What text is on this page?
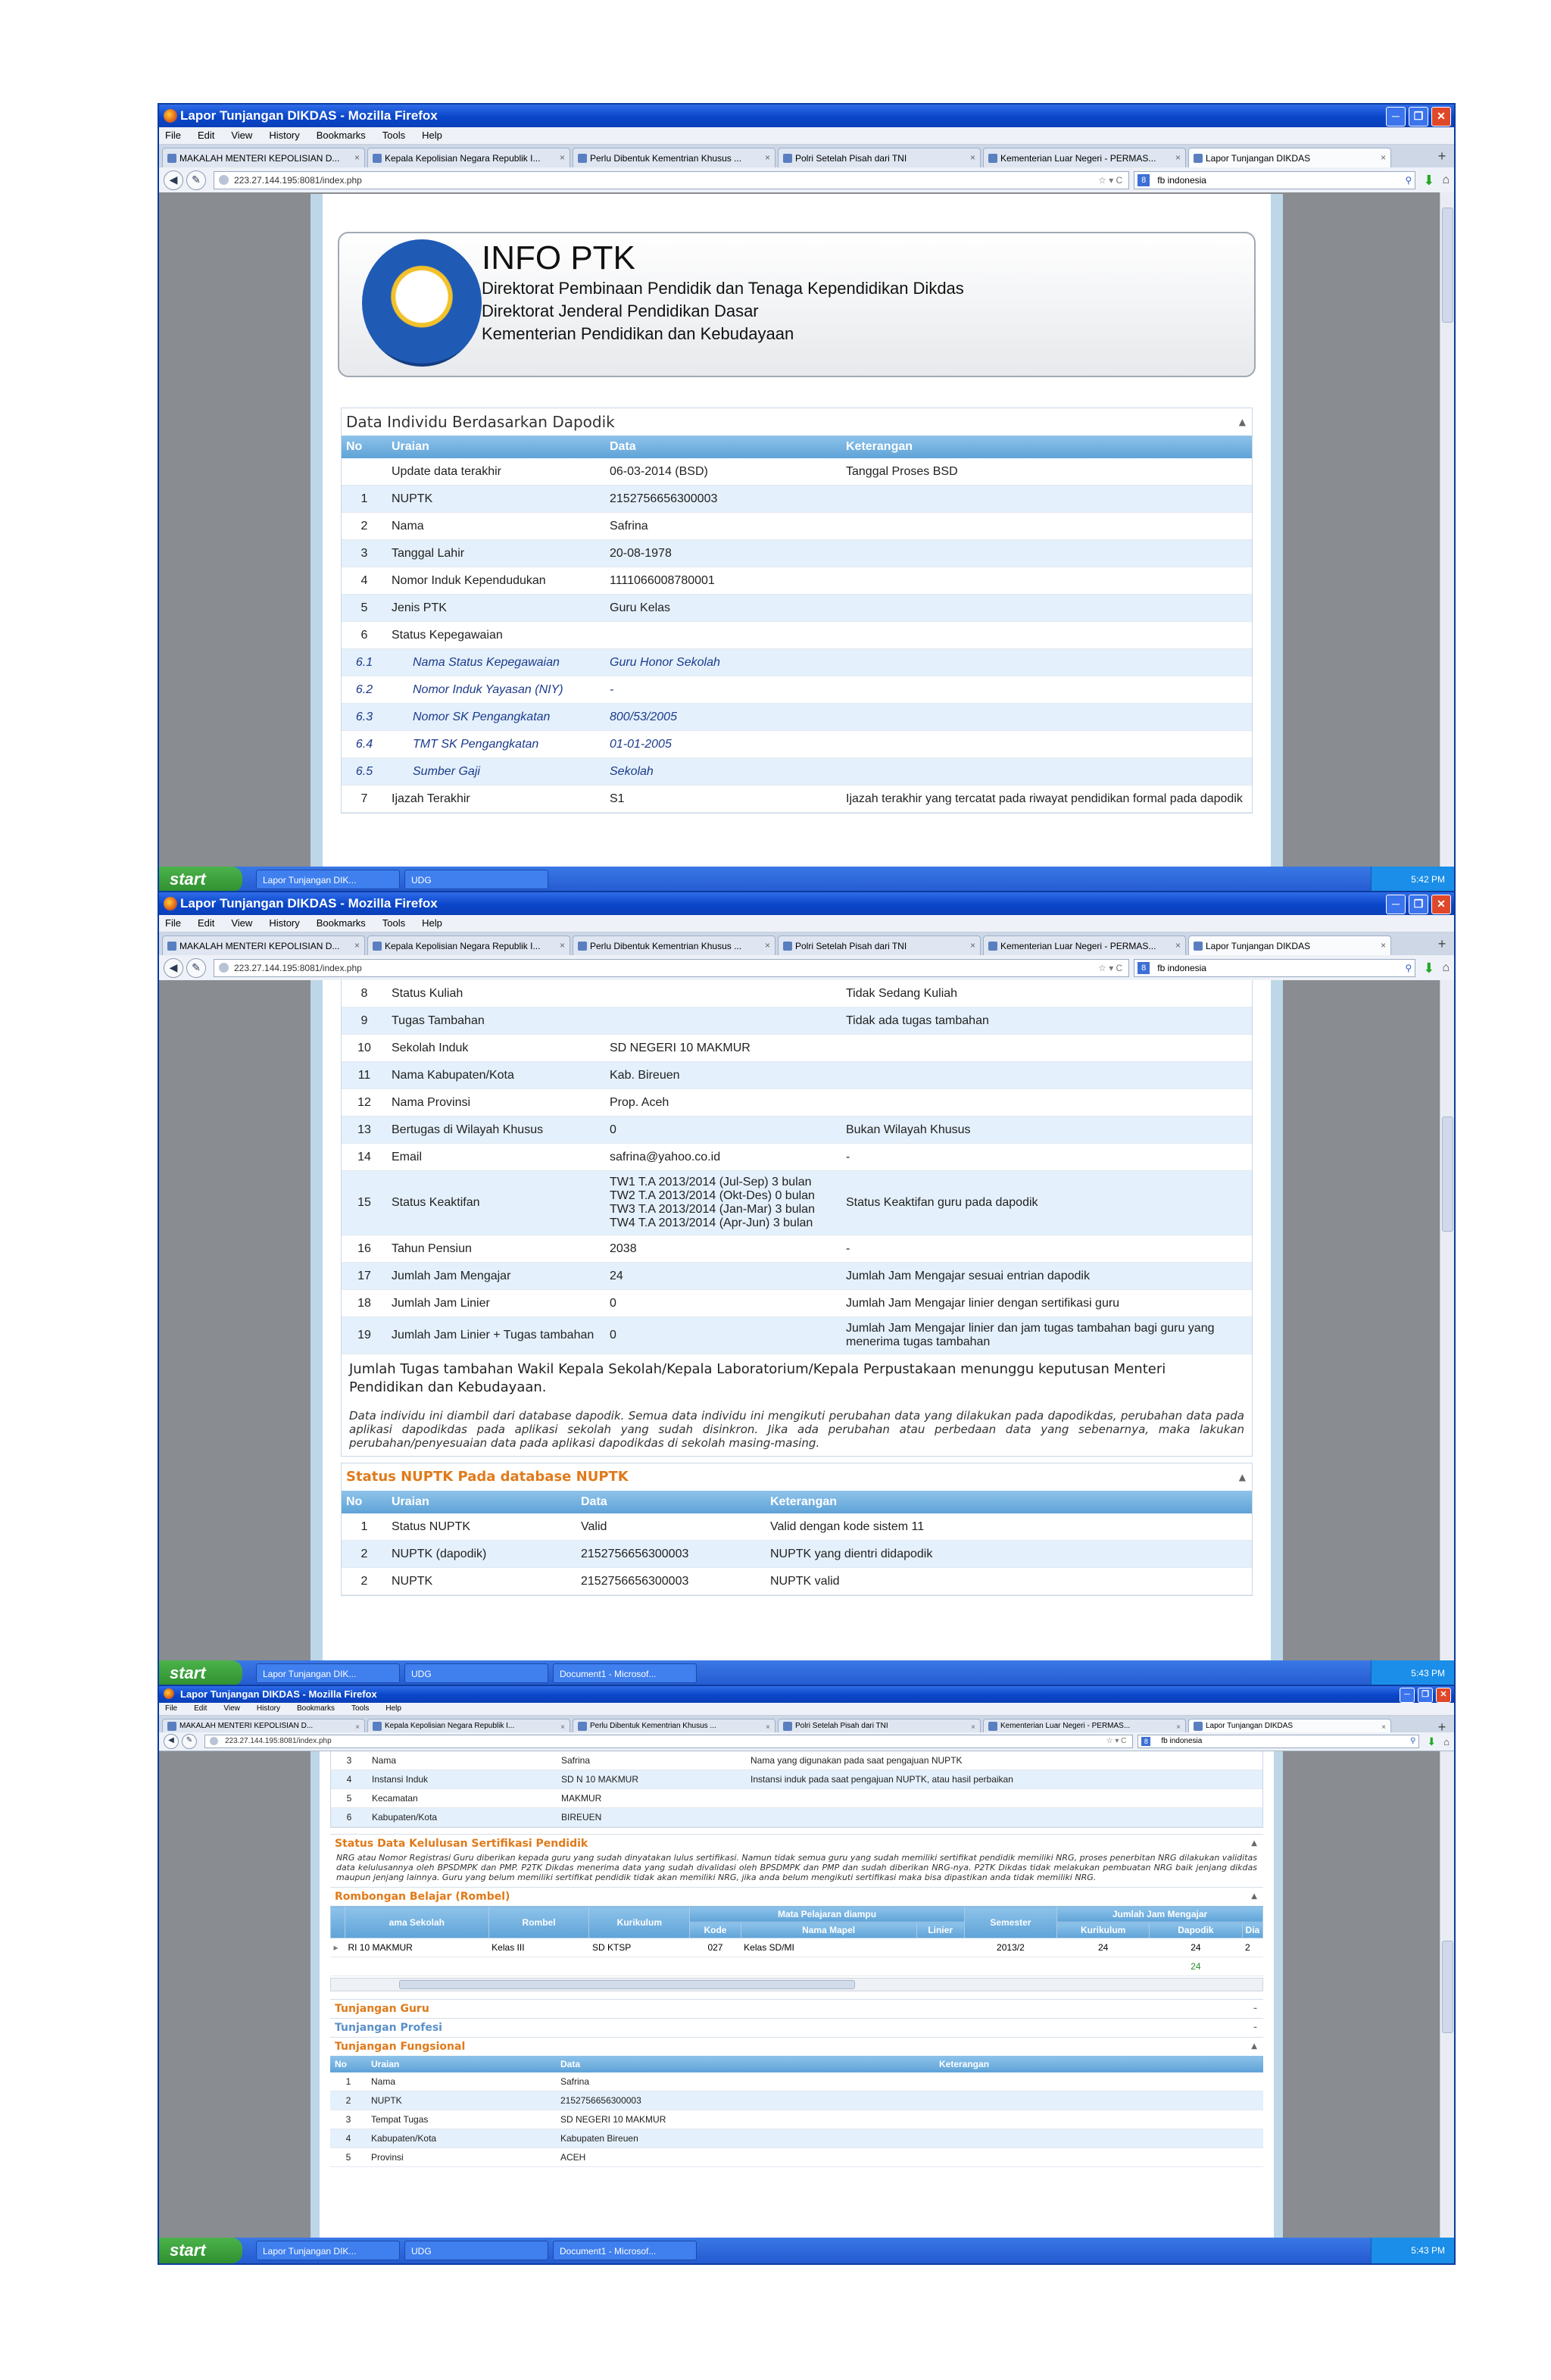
Lapor Tunjangan DIKDAS - Mozilla Firefox	─	❐	✕
File Edit View History Bookmarks Tools Help
MAKALAH MENTERI KEPOLISIAN D...	×	Kepala Kepolisian Negara Republik I...	×	Perlu Dibentuk Kementrian Khusus ...	×	Polri Setelah Pisah dari TNI	×	Kementerian Luar Negeri - PERMAS...	×	Lapor Tunjangan DIKDAS	×	+
◀	✎	223.27.144.195:8081/index.php	☆ ▾ C	8	fb indonesia	⚲ ⬇ ⌂
INFO PTK
Direktorat Pembinaan Pendidik dan Tenaga Kependidikan Dikdas
Direktorat Jenderal Pendidikan Dasar
Kementerian Pendidikan dan Kebudayaan
Data Individu Berdasarkan Dapodik	▲
No	Uraian	Data	Keterangan
	Update data terakhir	06-03-2014 (BSD)	Tanggal Proses BSD
1	NUPTK	2152756656300003	
2	Nama	Safrina	
3	Tanggal Lahir	20-08-1978	
4	Nomor Induk Kependudukan	1111066008780001	
5	Jenis PTK	Guru Kelas	
6	Status Kepegawaian		
6.1	Nama Status Kepegawaian	Guru Honor Sekolah	
6.2	Nomor Induk Yayasan (NIY)	-	
6.3	Nomor SK Pengangkatan	800/53/2005	
6.4	TMT SK Pengangkatan	01-01-2005	
6.5	Sumber Gaji	Sekolah	
7	Ijazah Terakhir	S1	Ijazah terakhir yang tercatat pada riwayat pendidikan formal pada dapodik
start	Lapor Tunjangan DIK...	UDG	5:42 PM
Lapor Tunjangan DIKDAS - Mozilla Firefox	─	❐	✕
File Edit View History Bookmarks Tools Help
MAKALAH MENTERI KEPOLISIAN D...	×	Kepala Kepolisian Negara Republik I...	×	Perlu Dibentuk Kementrian Khusus ...	×	Polri Setelah Pisah dari TNI	×	Kementerian Luar Negeri - PERMAS...	×	Lapor Tunjangan DIKDAS	×	+
◀	✎	223.27.144.195:8081/index.php	☆ ▾ C	8	fb indonesia	⚲ ⬇ ⌂
8	Status Kuliah		Tidak Sedang Kuliah
9	Tugas Tambahan		Tidak ada tugas tambahan
10	Sekolah Induk	SD NEGERI 10 MAKMUR	
11	Nama Kabupaten/Kota	Kab. Bireuen	
12	Nama Provinsi	Prop. Aceh	
13	Bertugas di Wilayah Khusus	0	Bukan Wilayah Khusus
14	Email	safrina@yahoo.co.id	-
15	Status Keaktifan	TW1 T.A 2013/2014 (Jul-Sep) 3 bulan
TW2 T.A 2013/2014 (Okt-Des) 0 bulan
TW3 T.A 2013/2014 (Jan-Mar) 3 bulan
TW4 T.A 2013/2014 (Apr-Jun) 3 bulan	Status Keaktifan guru pada dapodik
16	Tahun Pensiun	2038	-
17	Jumlah Jam Mengajar	24	Jumlah Jam Mengajar sesuai entrian dapodik
18	Jumlah Jam Linier	0	Jumlah Jam Mengajar linier dengan sertifikasi guru
19	Jumlah Jam Linier + Tugas tambahan	0	Jumlah Jam Mengajar linier dan jam tugas tambahan bagi guru yang menerima tugas tambahan
Jumlah Tugas tambahan Wakil Kepala Sekolah/Kepala Laboratorium/Kepala Perpustakaan menunggu keputusan Menteri Pendidikan dan Kebudayaan.
Data individu ini diambil dari database dapodik. Semua data individu ini mengikuti perubahan data yang dilakukan pada dapodikdas, perubahan data pada aplikasi dapodikdas pada aplikasi sekolah yang sudah disinkron. Jika ada perubahan atau perbedaan data yang sebenarnya, maka lakukan perubahan/penyesuaian data pada aplikasi dapodikdas di sekolah masing-masing.
Status NUPTK Pada database NUPTK	▲
No	Uraian	Data	Keterangan
1	Status NUPTK	Valid	Valid dengan kode sistem 11
2	NUPTK (dapodik)	2152756656300003	NUPTK yang dientri didapodik
2	NUPTK	2152756656300003	NUPTK valid
start	Lapor Tunjangan DIK...	UDG	Document1 - Microsof...	5:43 PM
Lapor Tunjangan DIKDAS - Mozilla Firefox	─	❐	✕
File Edit View History Bookmarks Tools Help
MAKALAH MENTERI KEPOLISIAN D...	×	Kepala Kepolisian Negara Republik I...	×	Perlu Dibentuk Kementrian Khusus ...	×	Polri Setelah Pisah dari TNI	×	Kementerian Luar Negeri - PERMAS...	×	Lapor Tunjangan DIKDAS	×	+
◀	✎	223.27.144.195:8081/index.php	☆ ▾ C	8	fb indonesia	⚲ ⬇ ⌂
3	Nama	Safrina	Nama yang digunakan pada saat pengajuan NUPTK
4	Instansi Induk	SD N 10 MAKMUR	Instansi induk pada saat pengajuan NUPTK, atau hasil perbaikan
5	Kecamatan	MAKMUR	
6	Kabupaten/Kota	BIREUEN	
Status Data Kelulusan Sertifikasi Pendidik	▲
NRG atau Nomor Registrasi Guru diberikan kepada guru yang sudah dinyatakan lulus sertifikasi. Namun tidak semua guru yang sudah memiliki sertifikat pendidik memiliki NRG, proses penerbitan NRG dilakukan validitas data kelulusannya oleh BPSDMPK dan PMP. P2TK Dikdas menerima data yang sudah divalidasi oleh BPSDMPK dan PMP dan sudah diberikan NRG-nya. P2TK Dikdas tidak melakukan pembuatan NRG baik jenjang dikdas maupun jenjang lainnya. Guru yang belum memiliki sertifikat pendidik tidak akan memiliki NRG, jika anda belum mengikuti sertifikasi maka bisa dipastikan anda tidak memiliki NRG.
Rombongan Belajar (Rombel)	▲
	ama Sekolah	Rombel	Kurikulum	Mata Pelajaran diampu			Semester	Jumlah Jam Mengajar		
				Kode	Nama Mapel	Linier		Kurikulum	Dapodik	Dia
▸	RI 10 MAKMUR	Kelas III	SD KTSP	027	Kelas SD/MI		2013/2	24	24	2
									24	
Tunjangan Guru	–
Tunjangan Profesi	–
Tunjangan Fungsional	▲
No	Uraian	Data	Keterangan
1	Nama	Safrina	
2	NUPTK	2152756656300003	
3	Tempat Tugas	SD NEGERI 10 MAKMUR	
4	Kabupaten/Kota	Kabupaten Bireuen	
5	Provinsi	ACEH	
start	Lapor Tunjangan DIK...	UDG	Document1 - Microsof...	5:43 PM
